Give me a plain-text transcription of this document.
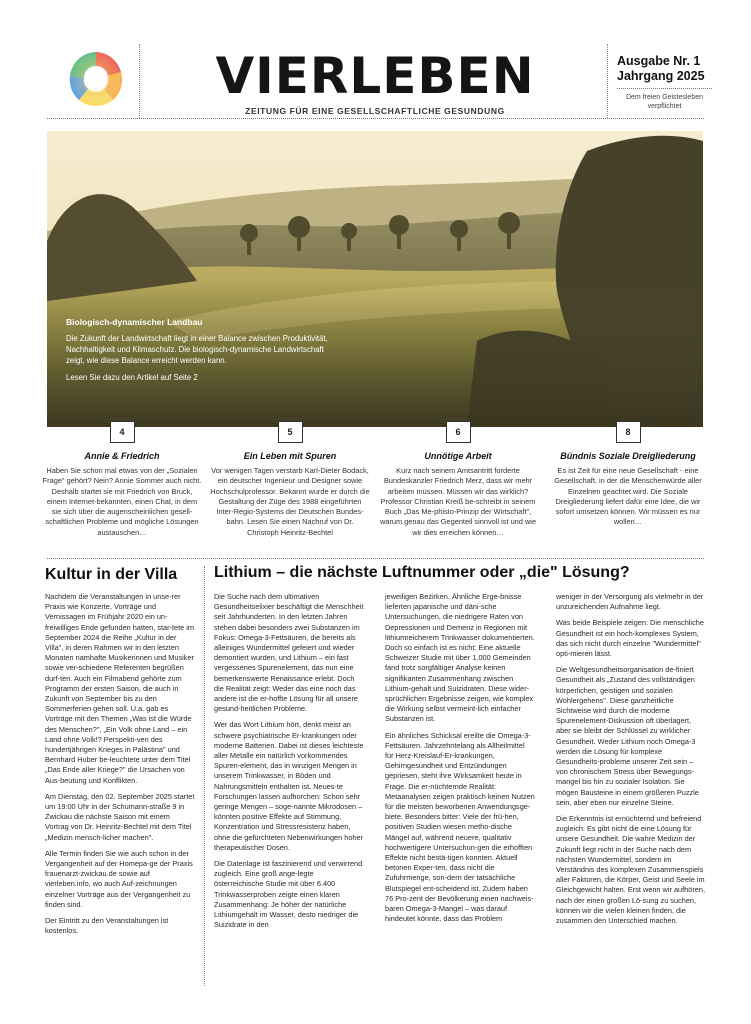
VIERLEBEN
ZEITUNG FÜR EINE GESELLSCHAFTLICHE GESUNDUNG
Ausgabe Nr. 1
Jahrgang 2025
Dem freien Geistesleben verpflichtet
Biologisch-dynamischer Landbau
Die Zukunft der Landwirtschaft liegt in einer Balance zwischen Produktivität, Nachhaltigkeit und Klimaschutz. Die biologisch-dynamische Landwirtschaft zeigt, wie diese Balance erreicht werden kann.
Lesen Sie dazu den Artikel auf Seite 2
4
Annie & Friedrich
Haben Sie schon mal etwas von der „Sozialen Frage" gehört? Nein? Annie Sommer auch nicht. Deshalb startet sie mit Friedrich von Bruck, einem Internet-bekannten, einen Chat, in dem sie sich über die augenscheinlichen gesell-schaftlichen Probleme und mögliche Lösungen austauschen…
5
Ein Leben mit Spuren
Vor wenigen Tagen verstarb Karl-Dieter Bodack, ein deutscher Ingenieur und Designer sowie Hochschulprofessor. Bekannt wurde er durch die Gestaltung der Züge des 1988 eingeführten Inter-Regio-Systems der Deutschen Bundes-bahn. Lesen Sie einen Nachruf von Dr. Christoph Heinritz-Bechtel
6
Unnötige Arbeit
Kurz nach seinem Amtsantritt forderte Bundeskanzler Friedrich Merz, dass wir mehr arbeiten müssen. Müssen wir das wirklich? Professor Christian Kreiß be-schreibt in seinem Buch „Das Me-phisto-Prinzip der Wirtschaft", warum genau das Gegenteil sinnvoll ist und wie wir dies erreichen können…
8
Bündnis Soziale Dreigliederung
Es ist Zeit für eine neue Gesellschaft - eine Gesellschaft, in der die Menschenwürde aller Einzelnen geachtet wird. Die Soziale Dreigliederung liefert dafür eine Idee, die wir sofort umsetzen können. Wir müssen es nur wollen…
Kultur in der Villa

Nachdem die Veranstaltungen in unse-rer Praxis wie Konzerte, Vorträge und Vernissagen im Frühjahr 2020 ein un-freiwilliges Ende gefunden hatten, star-tete im September 2024 die Reihe „Kultur in der Villa", in deren Rahmen wir in den letzten Monaten namhafte Musikerinnen und Musiker sowie ver-schiedene Referenten begrüßen durf-ten. Auch ein Filmabend gehörte zum Programm der ersten Saison, die auch in Zukunft von September bis zu den Sommerferien gehen soll. U.a. gab es Vorträge mit den Themen „Was ist die Würde des Menschen?", „Ein Volk ohne Land – ein Land ohne Volk!? Perspekti-ven des hundertjährigen Krieges in Palästina" und Bernhard Huber be-leuchtete unter dem Titel „Das Ende aller Kriege?" die Ursachen von Aus-beutung und Konflikten.

Am Dienstag, den 02. September 2025 startet um 19:00 Uhr in der Schumann-straße 9 in Zwickau die nächste Saison mit einem Vortrag von Dr. Heinritz-Bechtel mit dem Titel „Medizin mensch-licher machen".

Alle Termin finden Sie wie auch schon in der Vergangenheit auf der Homepa-ge der Praxis frauenarzt-zwickau.de sowie auf vierleben.info, wo auch Auf-zeichnungen einzelner Vorträge aus der Vergangenheit zu finden sind.

Der Eintritt zu den Veranstaltungen ist kostenlos.

Lithium – die nächste Luftnummer oder „die" Lösung?

Die Suche nach dem ultimativen Gesundheitselixier beschäftigt die Menschheit seit Jahrhunderten. In den letzten Jahren stehen dabei besonders zwei Substanzen im Fokus: Omega-3-Fettsäuren, die bereits als alleiniges Wundermittel gefeiert und wieder demontiert wurden, und Lithium – ein fast vergessenes Spurenelement, das nun eine bemerkenswerte Renaissance erlebt. Doch die Realität zeigt: Weder das eine noch das andere ist die er-hoffte Lösung für all unsere gesund-heitlichen Probleme.

Wer das Wort Lithium hört, denkt meist an schwere psychiatrische Er-krankungen oder moderne Batterien. Dabei ist dieses leichteste aller Metalle ein natürlich vorkommendes Spuren-element, das in winzigen Mengen in unserem Trinkwasser, in Böden und Nahrungsmitteln enthalten ist. Neues-te Forschungen lassen aufhorchen: Schon sehr geringe Mengen – soge-nannte Mikrodosen – könnten positive Effekte auf Stimmung, Konzentration und Stressresistenz haben, ohne die gefürchteten Nebenwirkungen hoher therapeutischer Dosen.

Die Datenlage ist faszinierend und verwirrend zugleich. Eine groß ange-legte österreichische Studie mit über 6.400 Trinkwasserproben zeigte einen klaren Zusammenhang: Je höher der natürliche Lithiumgehalt im Wasser, desto niedriger die Suizidrate in den

jeweiligen Bezirken. Ähnliche Erge-bnisse lieferten japanische und däni-sche Untersuchungen, die niedrigere Raten von Depressionen und Demenz in Regionen mit lithiumreicherem Trinkwasser dokumentierten. Doch so einfach ist es nicht: Eine aktuelle Schweizer Studie mit über 1.000 Gemeinden fand trotz sorgfältiger Analyse keinen signifikanten Zusammenhang zwischen Lithium-gehalt und Suizidraten. Diese wider-sprüchlichen Ergebnisse zeigen, wie komplex die Wirkung selbst vermeint-lich einfacher Substanzen ist.

Ein ähnliches Schicksal ereilte die Omega-3-Fettsäuren. Jahrzehntelang als Allheilmittel für Herz-Kreislauf-Er-krankungen, Gehirngesundheit und Entzündungen gepriesen, steht ihre Wirksamkeit heute in Frage. Die er-nüchternde Realität: Metaanalysen zeigen praktisch keinen Nutzen für die meisten beworbenen Anwendungsge-biete. Besonders bitter: Viele der frü-hen, positiven Studien wiesen metho-dische Mängel auf, während neuere, qualitativ hochwertigere Untersuchun-gen die erhofften Effekte nicht bestä-tigen konnten. Aktuell betonen Exper-ten, dass nicht die Zufuhrmenge, son-dern der tatsächliche Blutspiegel ent-scheidend ist. Zudem haben 76 Pro-zent der Bevölkerung einen nachweis-baren Omega-3-Mangel – was darauf hindeutet könnte, dass das Problem

weniger in der Versorgung als vielmehr in der unzureichenden Aufnahme liegt.

Was beide Beispiele zeigen: Die menschliche Gesundheit ist ein hoch-komplexes System, das sich nicht durch einzelne "Wundermittel" opti-mieren lässt.

Die Weltgesundheitsorganisation de-finiert Gesundheit als „Zustand des vollständigen körperlichen, geistigen und sozialen Wohlergehens". Diese ganzheitliche Sichtweise wird durch die moderne Spurenelement-Diskussion oft überlagert, aber sie bleibt der Schlüssel zu wirklicher Gesundheit. Weder Lithium noch Omega-3 werden die Lösung für komplexe Gesundheits-probleme unserer Zeit sein – von chronischem Stress über Bewegungs-mangel bis hin zu sozialer Isolation. Sie mögen Bausteine in einem größeren Puzzle sein, aber eben nur einzelne Steine.

Die Erkenntnis ist ernüchternd und befreiend zugleich: Es gibt nicht die eine Lösung für unsere Gesundheit. Die wahre Medizin der Zukunft liegt nicht in der Suche nach dem nächsten Wundermittel, sondern im Verständnis des komplexen Zusammenspiels aller Faktoren, die Körper, Geist und Seele im Gleichgewicht halten. Erst wenn wir aufhören, nach der einen großen Lö-sung zu suchen, können wir die vielen kleinen finden, die zusammen den Unterschied machen.
